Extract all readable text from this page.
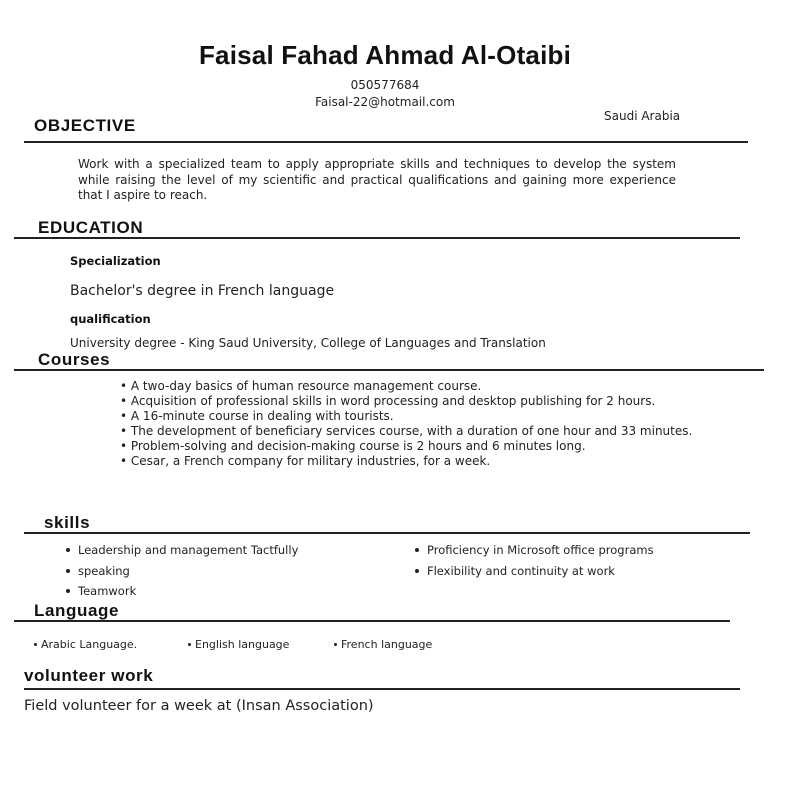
Faisal Fahad Ahmad Al-Otaibi
050577684
Faisal-22@hotmail.com
Saudi Arabia
OBJECTIVE
Work with a specialized team to apply appropriate skills and techniques to develop the system while raising the level of my scientific and practical qualifications and gaining more experience that I aspire to reach.
EDUCATION
Specialization
Bachelor's degree in French language
qualification
University degree - King Saud University, College of Languages and Translation
Courses
• A two-day basics of human resource management course.
• Acquisition of professional skills in word processing and desktop publishing for 2 hours.
• A 16-minute course in dealing with tourists.
• The development of beneficiary services course, with a duration of one hour and 33 minutes.
• Problem-solving and decision-making course is 2 hours and 6 minutes long.
• Cesar, a French company for military industries, for a week.
skills
Leadership and management Tactfully
speaking
Teamwork
Proficiency in Microsoft office programs
Flexibility and continuity at work
Language
Arabic Language.	English language	French language
volunteer work
Field volunteer for a week at (Insan Association)
